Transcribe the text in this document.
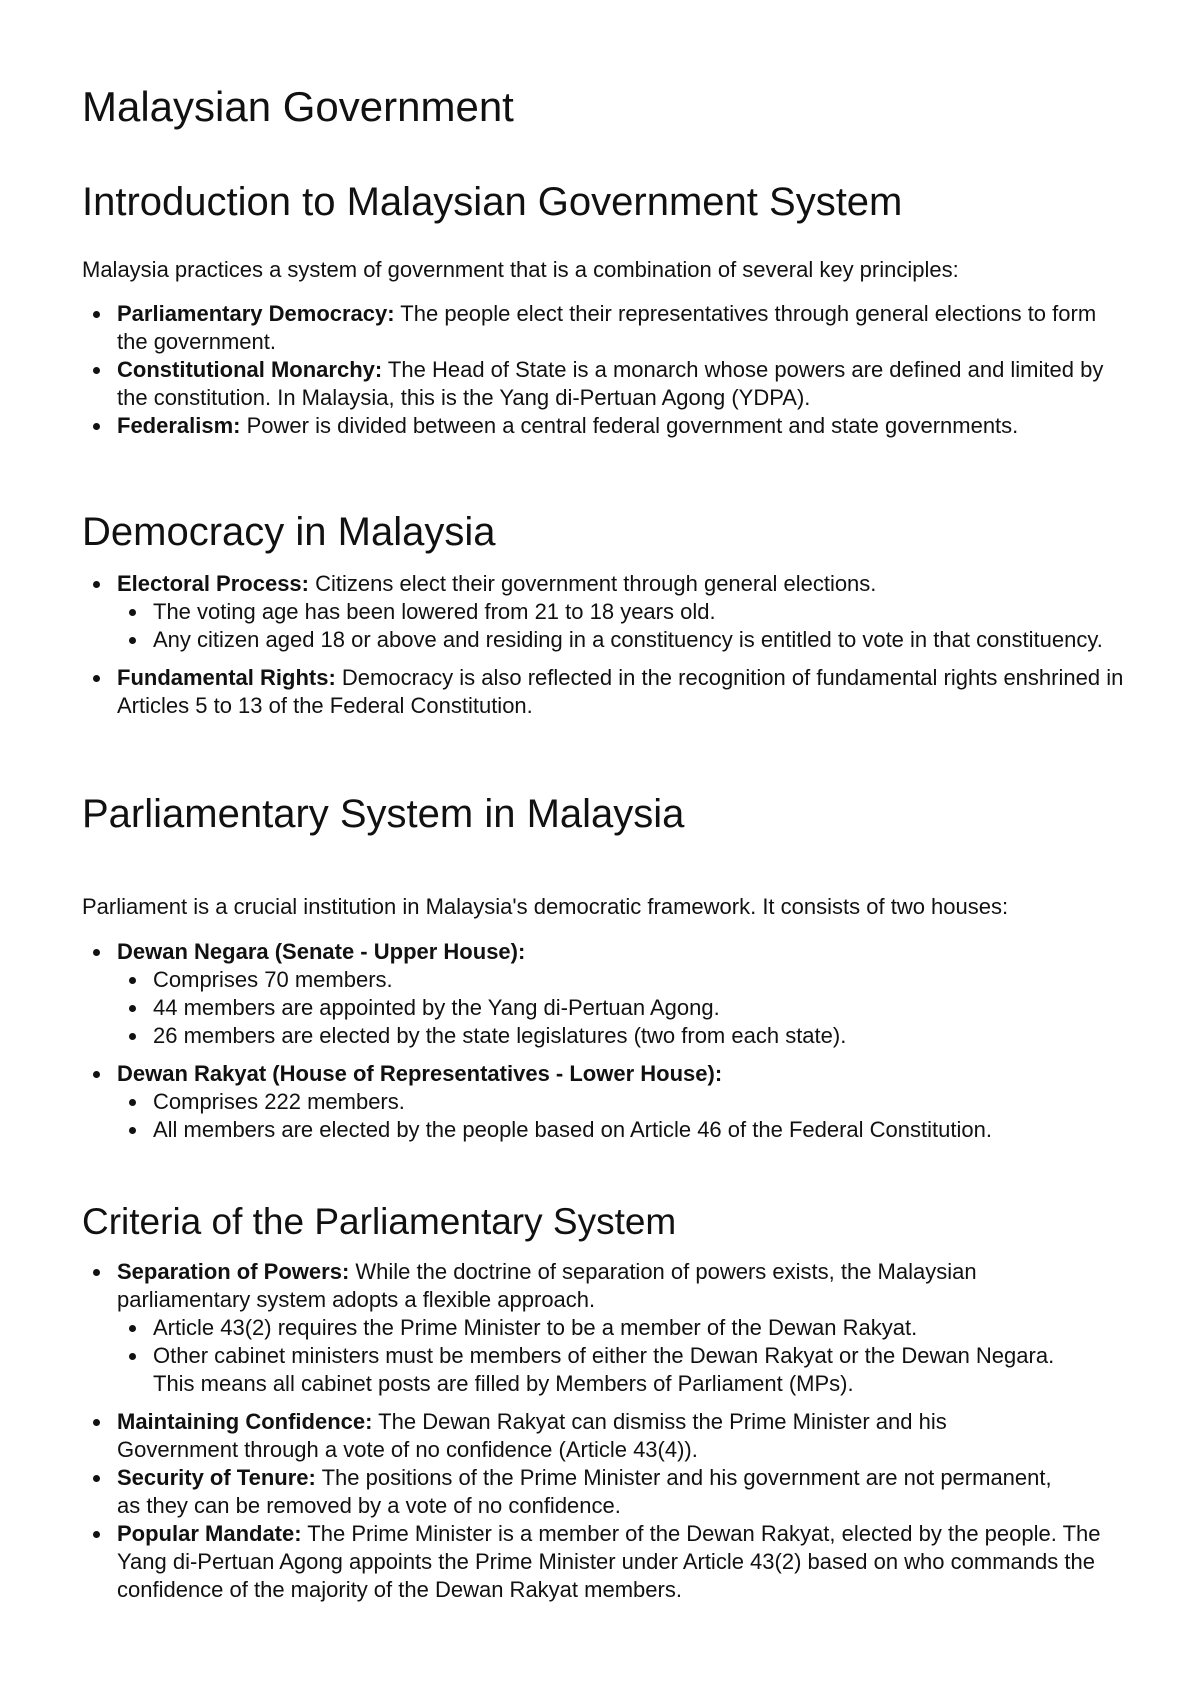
Malaysian Government
Introduction to Malaysian Government System

Malaysia practices a system of government that is a combination of several key principles:

Parliamentary Democracy: The people elect their representatives through general elections to form the government.
Constitutional Monarchy: The Head of State is a monarch whose powers are defined and limited by the constitution. In Malaysia, this is the Yang di-Pertuan Agong (YDPA).
Federalism: Power is divided between a central federal government and state governments.
Democracy in Malaysia
Electoral Process: Citizens elect their government through general elections.
The voting age has been lowered from 21 to 18 years old.
Any citizen aged 18 or above and residing in a constituency is entitled to vote in that constituency.
Fundamental Rights: Democracy is also reflected in the recognition of fundamental rights enshrined in Articles 5 to 13 of the Federal Constitution.
Parliamentary System in Malaysia

Parliament is a crucial institution in Malaysia's democratic framework. It consists of two houses:

Dewan Negara (Senate - Upper House):
Comprises 70 members.
44 members are appointed by the Yang di-Pertuan Agong.
26 members are elected by the state legislatures (two from each state).
Dewan Rakyat (House of Representatives - Lower House):
Comprises 222 members.
All members are elected by the people based on Article 46 of the Federal Constitution.
Criteria of the Parliamentary System
Separation of Powers: While the doctrine of separation of powers exists, the Malaysian parliamentary system adopts a flexible approach.
Article 43(2) requires the Prime Minister to be a member of the Dewan Rakyat.
Other cabinet ministers must be members of either the Dewan Rakyat or the Dewan Negara. This means all cabinet posts are filled by Members of Parliament (MPs).
Maintaining Confidence: The Dewan Rakyat can dismiss the Prime Minister and his Government through a vote of no confidence (Article 43(4)).
Security of Tenure: The positions of the Prime Minister and his government are not permanent, as they can be removed by a vote of no confidence.
Popular Mandate: The Prime Minister is a member of the Dewan Rakyat, elected by the people. The Yang di-Pertuan Agong appoints the Prime Minister under Article 43(2) based on who commands the confidence of the majority of the Dewan Rakyat members.
